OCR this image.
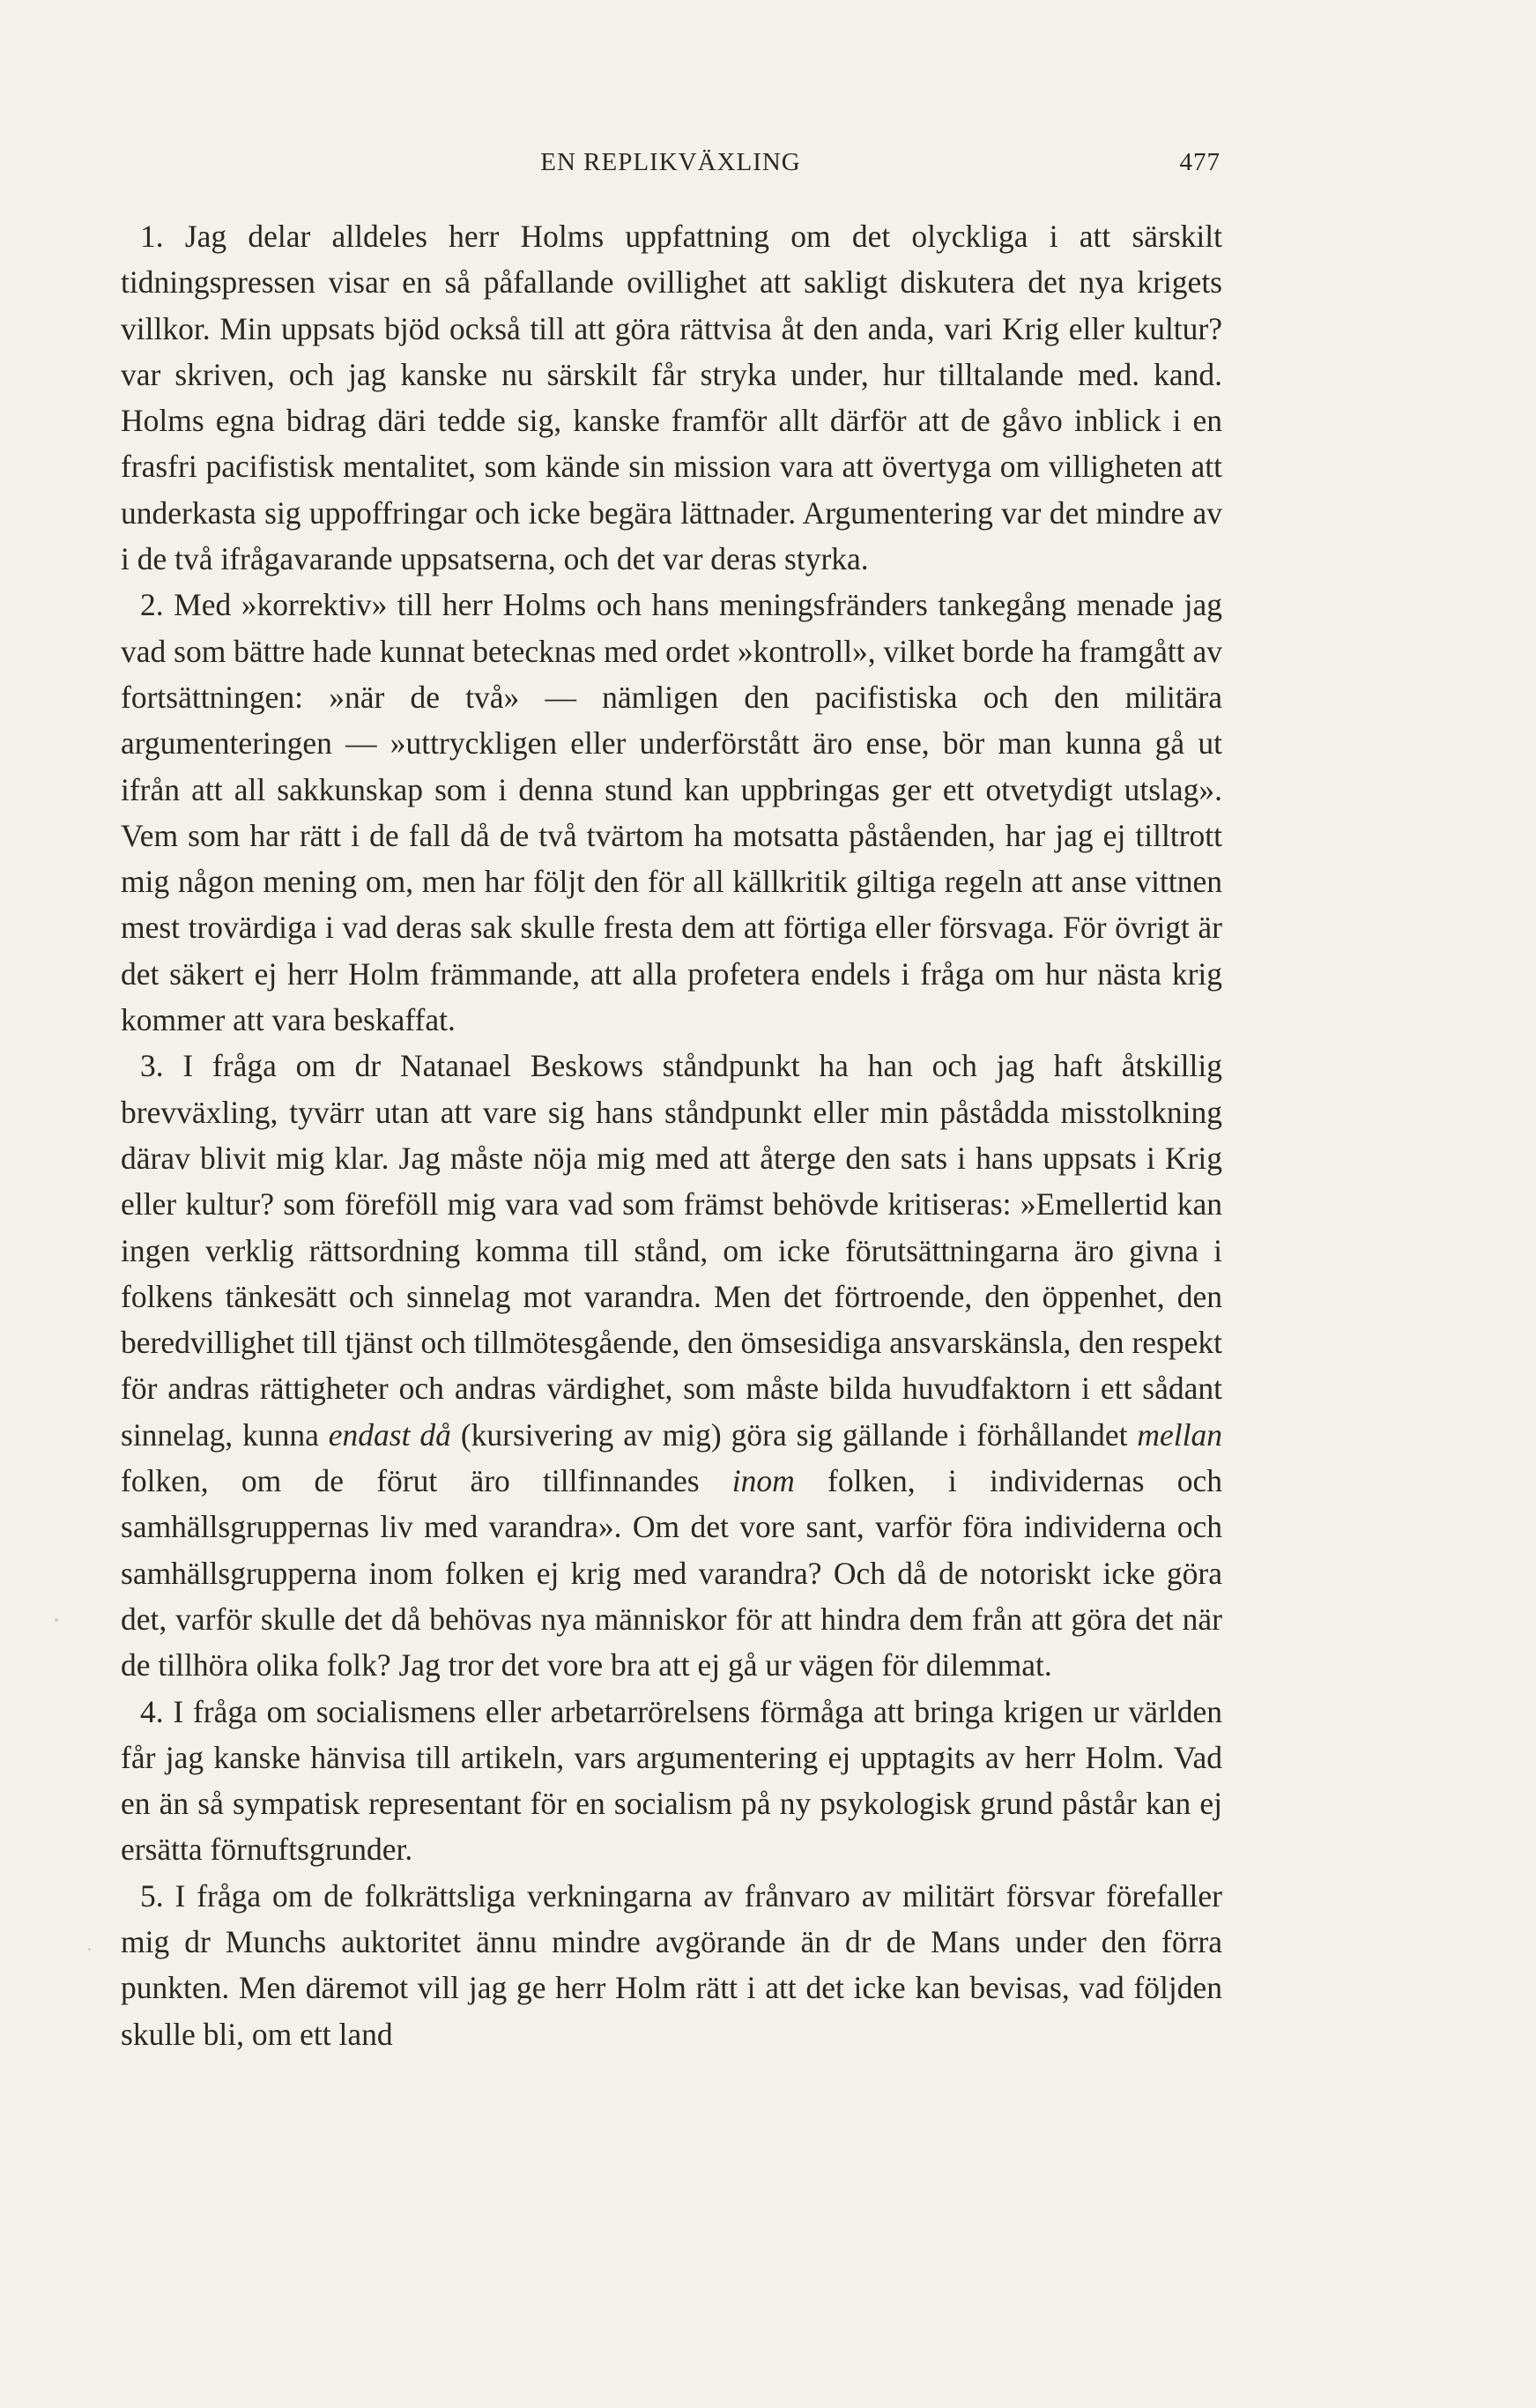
EN REPLIKVÄXLING	477

1. Jag delar alldeles herr Holms uppfattning om det olyckliga i att särskilt tidningspressen visar en så påfallande ovillighet att sakligt diskutera det nya krigets villkor. Min uppsats bjöd också till att göra rättvisa åt den anda, vari Krig eller kultur? var skriven, och jag kanske nu särskilt får stryka under, hur tilltalande med. kand. Holms egna bidrag däri tedde sig, kanske framför allt därför att de gåvo inblick i en frasfri pacifistisk mentalitet, som kände sin mission vara att övertyga om villigheten att underkasta sig uppoffringar och icke begära lättnader. Argumentering var det mindre av i de två ifrågavarande uppsatserna, och det var deras styrka.

2. Med »korrektiv» till herr Holms och hans meningsfränders tankegång menade jag vad som bättre hade kunnat betecknas med ordet »kontroll», vilket borde ha framgått av fortsättningen: »när de två» — nämligen den pacifistiska och den militära argumenteringen — »uttryckligen eller underförstått äro ense, bör man kunna gå ut ifrån att all sakkunskap som i denna stund kan uppbringas ger ett otvetydigt utslag». Vem som har rätt i de fall då de två tvärtom ha motsatta påståenden, har jag ej tilltrott mig någon mening om, men har följt den för all källkritik giltiga regeln att anse vittnen mest trovärdiga i vad deras sak skulle fresta dem att förtiga eller försvaga. För övrigt är det säkert ej herr Holm främmande, att alla profetera endels i fråga om hur nästa krig kommer att vara beskaffat.

3. I fråga om dr Natanael Beskows ståndpunkt ha han och jag haft åtskillig brevväxling, tyvärr utan att vare sig hans ståndpunkt eller min påstådda misstolkning därav blivit mig klar. Jag måste nöja mig med att återge den sats i hans uppsats i Krig eller kultur? som föreföll mig vara vad som främst behövde kritiseras: »Emellertid kan ingen verklig rättsordning komma till stånd, om icke förutsättningarna äro givna i folkens tänkesätt och sinnelag mot varandra. Men det förtroende, den öppenhet, den beredvillighet till tjänst och tillmötesgående, den ömsesidiga ansvarskänsla, den respekt för andras rättigheter och andras värdighet, som måste bilda huvudfaktorn i ett sådant sinnelag, kunna endast då (kursivering av mig) göra sig gällande i förhållandet mellan folken, om de förut äro tillfinnandes inom folken, i individernas och samhällsgruppernas liv med varandra». Om det vore sant, varför föra individerna och samhällsgrupperna inom folken ej krig med varandra? Och då de notoriskt icke göra det, varför skulle det då behövas nya människor för att hindra dem från att göra det när de tillhöra olika folk? Jag tror det vore bra att ej gå ur vägen för dilemmat.

4. I fråga om socialismens eller arbetarrörelsens förmåga att bringa krigen ur världen får jag kanske hänvisa till artikeln, vars argumentering ej upptagits av herr Holm. Vad en än så sympatisk representant för en socialism på ny psykologisk grund påstår kan ej ersätta förnuftsgrunder.

5. I fråga om de folkrättsliga verkningarna av frånvaro av militärt försvar förefaller mig dr Munchs auktoritet ännu mindre avgörande än dr de Mans under den förra punkten. Men däremot vill jag ge herr Holm rätt i att det icke kan bevisas, vad följden skulle bli, om ett land
